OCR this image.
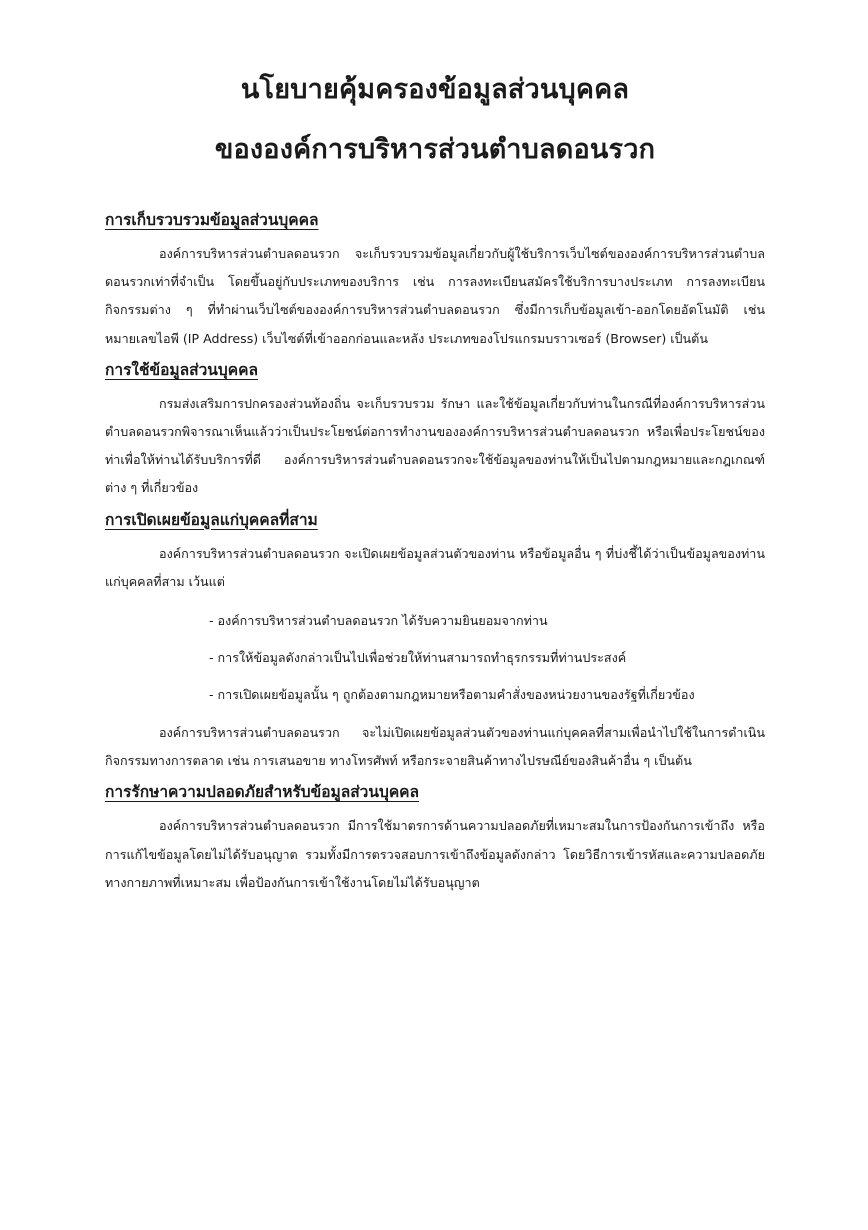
นโยบายคุ้มครองข้อมูลส่วนบุคคล
ขององค์การบริหารส่วนตำบลดอนรวก
การเก็บรวบรวมข้อมูลส่วนบุคคล

องค์การบริหารส่วนตำบลดอนรวก จะเก็บรวบรวมข้อมูลเกี่ยวกับผู้ใช้บริการเว็บไซต์ขององค์การบริหารส่วนตำบลดอนรวกเท่าที่จำเป็น โดยขึ้นอยู่กับประเภทของบริการ เช่น การลงทะเบียนสมัครใช้บริการบางประเภท การลงทะเบียนกิจกรรมต่าง ๆ ที่ทำผ่านเว็บไซต์ขององค์การบริหารส่วนตำบลดอนรวก ซึ่งมีการเก็บข้อมูลเข้า-ออกโดยอัตโนมัติ เช่น หมายเลขไอพี (IP Address) เว็บไซต์ที่เข้าออกก่อนและหลัง ประเภทของโปรแกรมบราวเซอร์ (Browser) เป็นต้น

การใช้ข้อมูลส่วนบุคคล

กรมส่งเสริมการปกครองส่วนท้องถิ่น จะเก็บรวบรวม รักษา และใช้ข้อมูลเกี่ยวกับท่านในกรณีที่องค์การบริหารส่วนตำบลดอนรวกพิจารณาเห็นแล้วว่าเป็นประโยชน์ต่อการทำงานขององค์การบริหารส่วนตำบลดอนรวก หรือเพื่อประโยชน์ของท่าเพื่อให้ท่านได้รับบริการที่ดี องค์การบริหารส่วนตำบลดอนรวกจะใช้ข้อมูลของท่านให้เป็นไปตามกฎหมายและกฎเกณฑ์ต่าง ๆ ที่เกี่ยวข้อง

การเปิดเผยข้อมูลแก่บุคคลที่สาม

องค์การบริหารส่วนตำบลดอนรวก จะเปิดเผยข้อมูลส่วนตัวของท่าน หรือข้อมูลอื่น ๆ ที่บ่งชี้ได้ว่าเป็นข้อมูลของท่านแก่บุคคลที่สาม เว้นแต่

- องค์การบริหารส่วนตำบลดอนรวก ได้รับความยินยอมจากท่าน
- การให้ข้อมูลดังกล่าวเป็นไปเพื่อช่วยให้ท่านสามารถทำธุรกรรมที่ท่านประสงค์
- การเปิดเผยข้อมูลนั้น ๆ ถูกต้องตามกฎหมายหรือตามคำสั่งของหน่วยงานของรัฐที่เกี่ยวข้อง

องค์การบริหารส่วนตำบลดอนรวก จะไม่เปิดเผยข้อมูลส่วนตัวของท่านแก่บุคคลที่สามเพื่อนำไปใช้ในการดำเนินกิจกรรมทางการตลาด เช่น การเสนอขาย ทางโทรศัพท์ หรือกระจายสินค้าทางไปรษณีย์ของสินค้าอื่น ๆ เป็นต้น

การรักษาความปลอดภัยสำหรับข้อมูลส่วนบุคคล

องค์การบริหารส่วนตำบลดอนรวก มีการใช้มาตรการด้านความปลอดภัยที่เหมาะสมในการป้องกันการเข้าถึง หรือการแก้ไขข้อมูลโดยไม่ได้รับอนุญาต รวมทั้งมีการตรวจสอบการเข้าถึงข้อมูลดังกล่าว โดยวิธีการเข้ารหัสและความปลอดภัยทางกายภาพที่เหมาะสม เพื่อป้องกันการเข้าใช้งานโดยไม่ได้รับอนุญาต
